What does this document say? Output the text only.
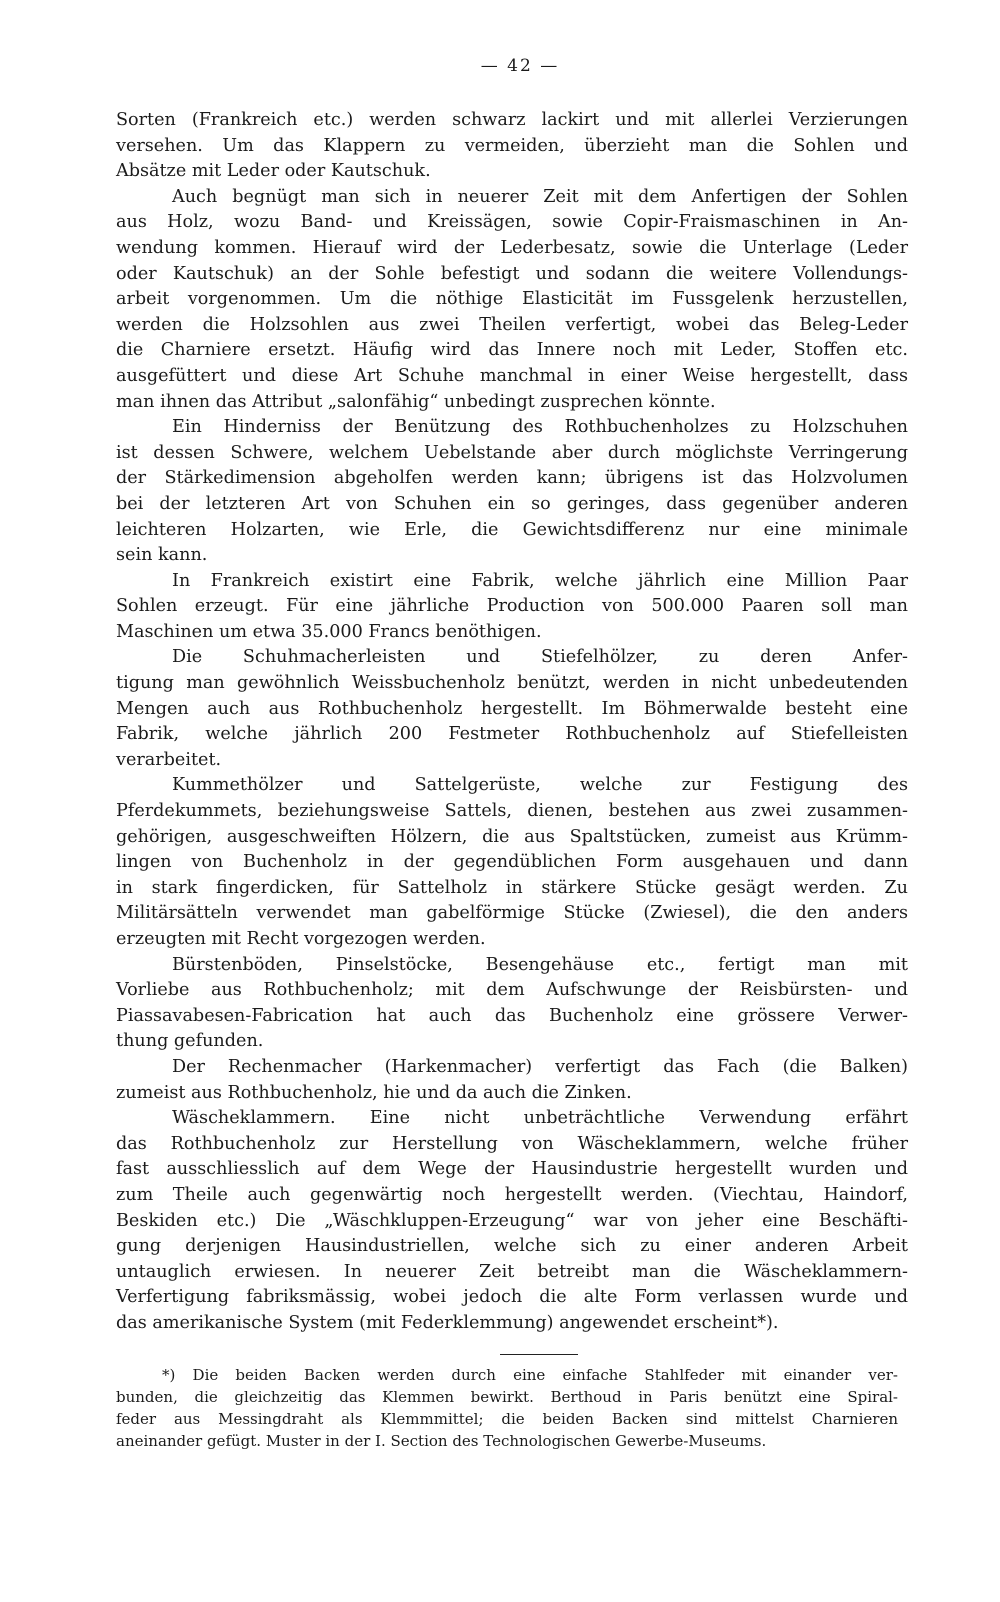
— 42 —
Sorten (Frankreich etc.) werden schwarz lackirt und mit allerlei Verzierungen
versehen. Um das Klappern zu vermeiden, überzieht man die Sohlen und
Absätze mit Leder oder Kautschuk.
Auch begnügt man sich in neuerer Zeit mit dem Anfertigen der Sohlen
aus Holz, wozu Band- und Kreissägen, sowie Copir-Fraismaschinen in An-
wendung kommen. Hierauf wird der Lederbesatz, sowie die Unterlage (Leder
oder Kautschuk) an der Sohle befestigt und sodann die weitere Vollendungs-
arbeit vorgenommen. Um die nöthige Elasticität im Fussgelenk herzustellen,
werden die Holzsohlen aus zwei Theilen verfertigt, wobei das Beleg-Leder
die Charniere ersetzt. Häufig wird das Innere noch mit Leder, Stoffen etc.
ausgefüttert und diese Art Schuhe manchmal in einer Weise hergestellt, dass
man ihnen das Attribut „salonfähig“ unbedingt zusprechen könnte.
Ein Hinderniss der Benützung des Rothbuchenholzes zu Holzschuhen
ist dessen Schwere, welchem Uebelstande aber durch möglichste Verringerung
der Stärkedimension abgeholfen werden kann; übrigens ist das Holzvolumen
bei der letzteren Art von Schuhen ein so geringes, dass gegenüber anderen
leichteren Holzarten, wie Erle, die Gewichtsdifferenz nur eine minimale
sein kann.
In Frankreich existirt eine Fabrik, welche jährlich eine Million Paar
Sohlen erzeugt. Für eine jährliche Production von 500.000 Paaren soll man
Maschinen um etwa 35.000 Francs benöthigen.
Die Schuhmacherleisten und Stiefelhölzer, zu deren Anfer-
tigung man gewöhnlich Weissbuchenholz benützt, werden in nicht unbedeutenden
Mengen auch aus Rothbuchenholz hergestellt. Im Böhmerwalde besteht eine
Fabrik, welche jährlich 200 Festmeter Rothbuchenholz auf Stiefelleisten
verarbeitet.
Kummethölzer und Sattelgerüste, welche zur Festigung des
Pferdekummets, beziehungsweise Sattels, dienen, bestehen aus zwei zusammen-
gehörigen, ausgeschweiften Hölzern, die aus Spaltstücken, zumeist aus Krümm-
lingen von Buchenholz in der gegendüblichen Form ausgehauen und dann
in stark fingerdicken, für Sattelholz in stärkere Stücke gesägt werden. Zu
Militärsätteln verwendet man gabelförmige Stücke (Zwiesel), die den anders
erzeugten mit Recht vorgezogen werden.
Bürstenböden, Pinselstöcke, Besengehäuse etc., fertigt man mit
Vorliebe aus Rothbuchenholz; mit dem Aufschwunge der Reisbürsten- und
Piassavabesen-Fabrication hat auch das Buchenholz eine grössere Verwer-
thung gefunden.
Der Rechenmacher (Harkenmacher) verfertigt das Fach (die Balken)
zumeist aus Rothbuchenholz, hie und da auch die Zinken.
Wäscheklammern. Eine nicht unbeträchtliche Verwendung erfährt
das Rothbuchenholz zur Herstellung von Wäscheklammern, welche früher
fast ausschliesslich auf dem Wege der Hausindustrie hergestellt wurden und
zum Theile auch gegenwärtig noch hergestellt werden. (Viechtau, Haindorf,
Beskiden etc.) Die „Wäschkluppen-Erzeugung“ war von jeher eine Beschäfti-
gung derjenigen Hausindustriellen, welche sich zu einer anderen Arbeit
untauglich erwiesen. In neuerer Zeit betreibt man die Wäscheklammern-
Verfertigung fabriksmässig, wobei jedoch die alte Form verlassen wurde und
das amerikanische System (mit Federklemmung) angewendet erscheint*).
*) Die beiden Backen werden durch eine einfache Stahlfeder mit einander ver-
bunden, die gleichzeitig das Klemmen bewirkt. Berthoud in Paris benützt eine Spiral-
feder aus Messingdraht als Klemmmittel; die beiden Backen sind mittelst Charnieren
aneinander gefügt. Muster in der I. Section des Technologischen Gewerbe-Museums.
